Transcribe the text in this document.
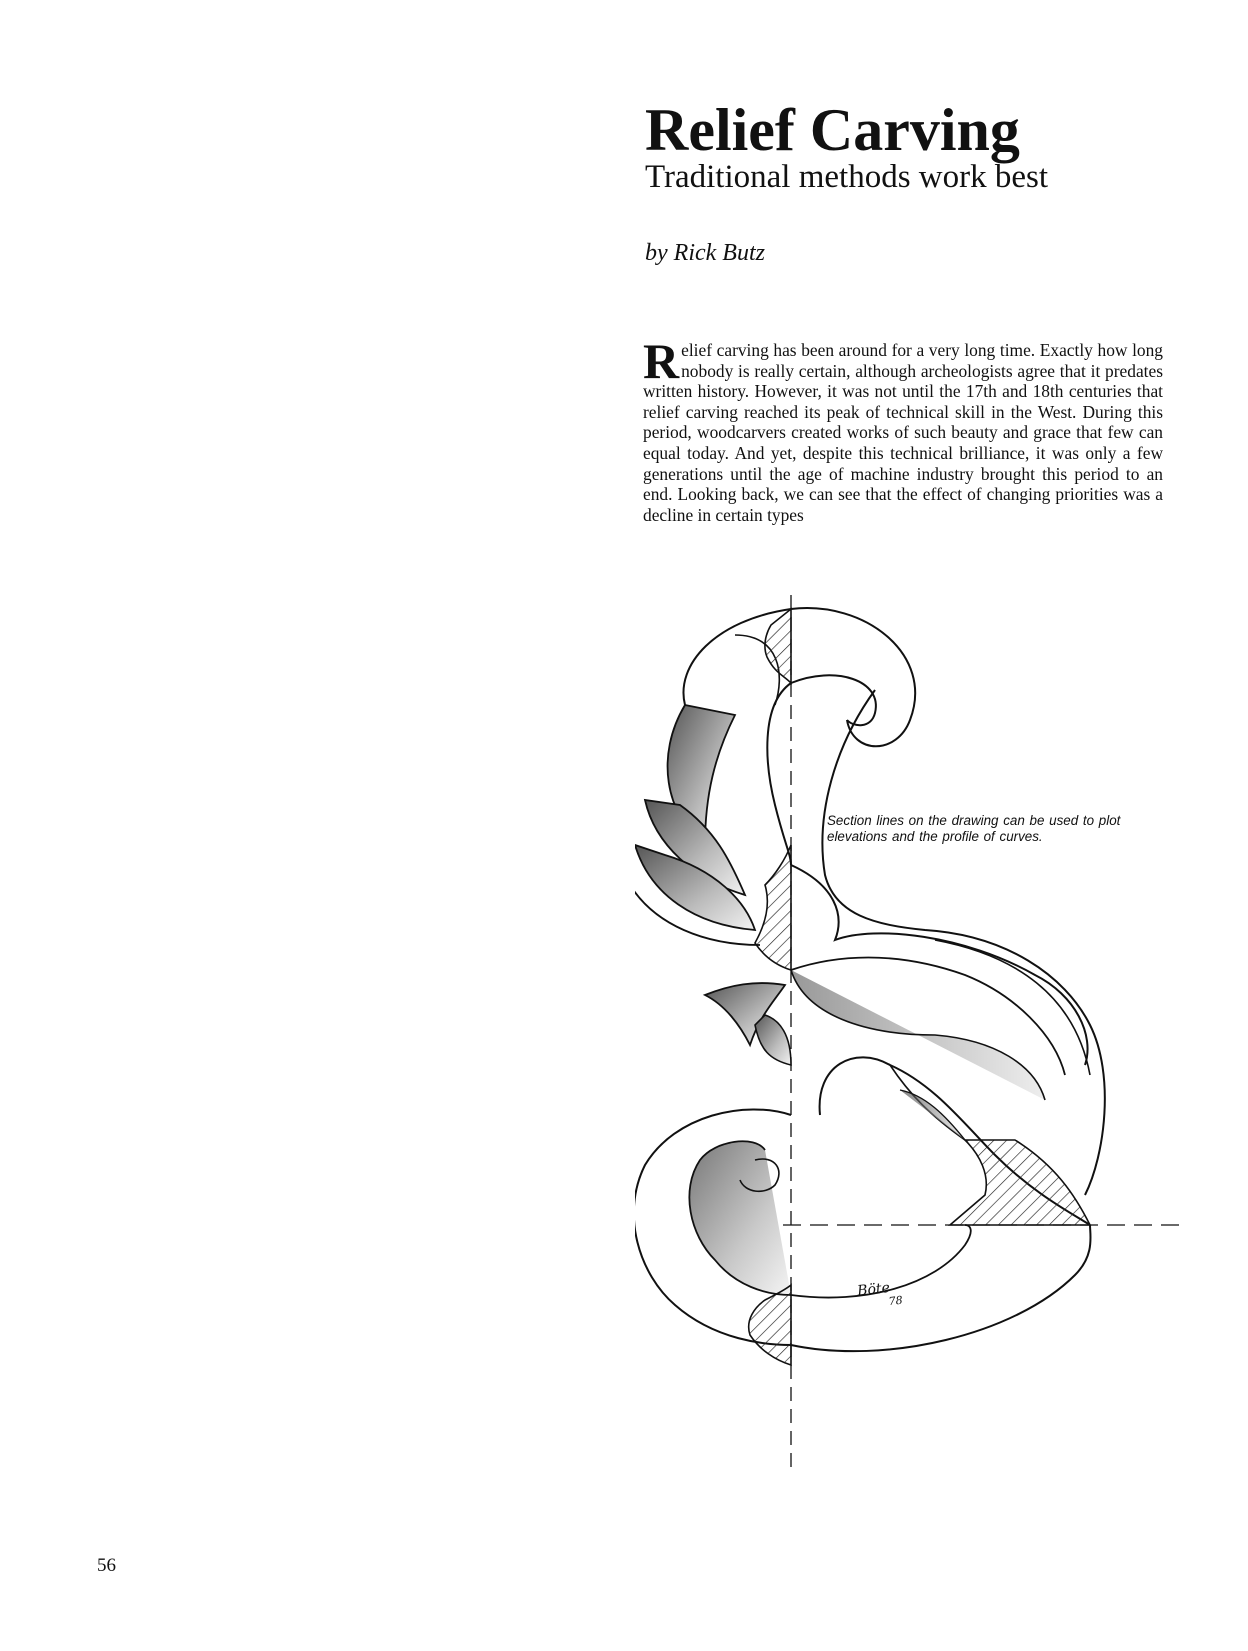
Relief Carving
Traditional methods work best

by Rick Butz

Relief carving has been around for a very long time. Exactly how long nobody is really certain, although archeologists agree that it predates written history. However, it was not until the 17th and 18th centuries that relief carving reached its peak of technical skill in the West. During this period, woodcarvers created works of such beauty and grace that few can equal today. And yet, despite this technical brilliance, it was only a few generations until the age of machine industry brought this period to an end. Looking back, we can see that the effect of changing priorities was a decline in certain types

Section lines on the drawing can be used to plot elevations and the profile of curves.

Böte
78

56
